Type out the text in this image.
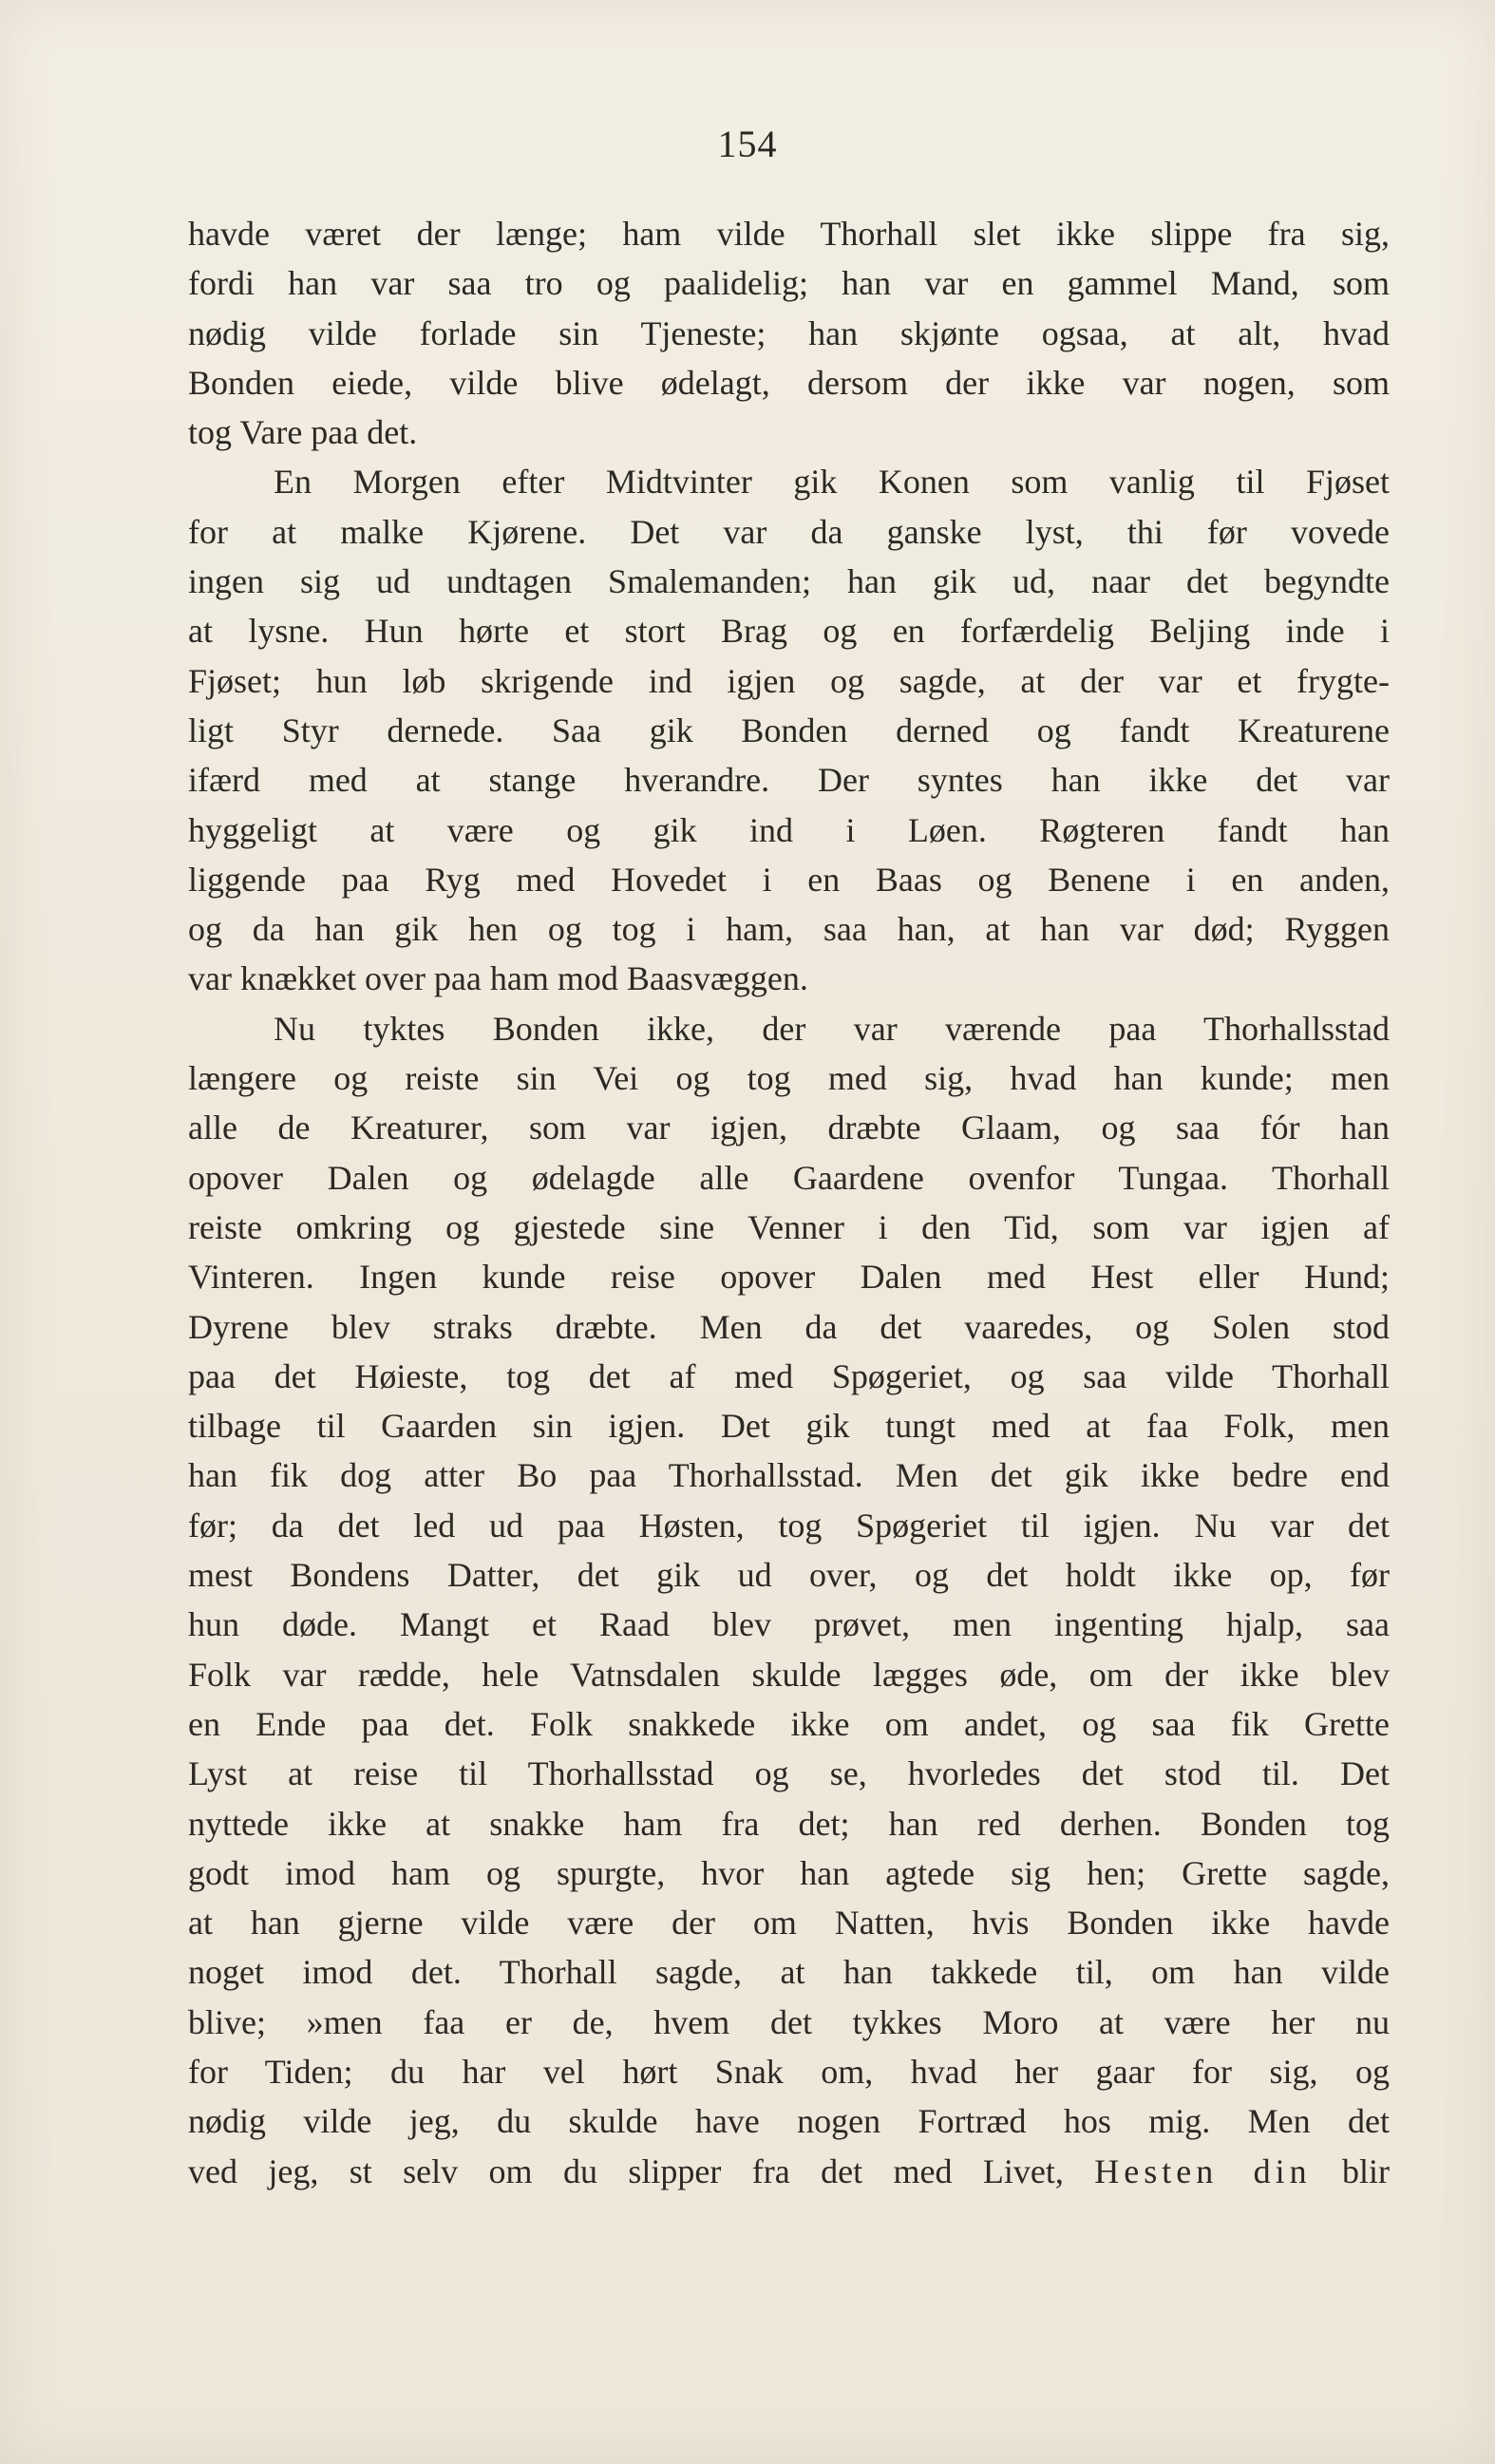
154
havde været der længe; ham vilde Thorhall slet ikke slippe fra sig,
fordi han var saa tro og paalidelig; han var en gammel Mand, som
nødig vilde forlade sin Tjeneste; han skjønte ogsaa, at alt, hvad
Bonden eiede, vilde blive ødelagt, dersom der ikke var nogen, som
tog Vare paa det.
En Morgen efter Midtvinter gik Konen som vanlig til Fjøset
for at malke Kjørene. Det var da ganske lyst, thi før vovede
ingen sig ud undtagen Smalemanden; han gik ud, naar det begyndte
at lysne. Hun hørte et stort Brag og en forfærdelig Beljing inde i
Fjøset; hun løb skrigende ind igjen og sagde, at der var et frygte-
ligt Styr dernede. Saa gik Bonden derned og fandt Kreaturene
ifærd med at stange hverandre. Der syntes han ikke det var
hyggeligt at være og gik ind i Løen. Røgteren fandt han
liggende paa Ryg med Hovedet i en Baas og Benene i en anden,
og da han gik hen og tog i ham, saa han, at han var død; Ryggen
var knækket over paa ham mod Baasvæggen.
Nu tyktes Bonden ikke, der var værende paa Thorhallsstad
længere og reiste sin Vei og tog med sig, hvad han kunde; men
alle de Kreaturer, som var igjen, dræbte Glaam, og saa fór han
opover Dalen og ødelagde alle Gaardene ovenfor Tungaa. Thorhall
reiste omkring og gjestede sine Venner i den Tid, som var igjen af
Vinteren. Ingen kunde reise opover Dalen med Hest eller Hund;
Dyrene blev straks dræbte. Men da det vaaredes, og Solen stod
paa det Høieste, tog det af med Spøgeriet, og saa vilde Thorhall
tilbage til Gaarden sin igjen. Det gik tungt med at faa Folk, men
han fik dog atter Bo paa Thorhallsstad. Men det gik ikke bedre end
før; da det led ud paa Høsten, tog Spøgeriet til igjen. Nu var det
mest Bondens Datter, det gik ud over, og det holdt ikke op, før
hun døde. Mangt et Raad blev prøvet, men ingenting hjalp, saa
Folk var rædde, hele Vatnsdalen skulde lægges øde, om der ikke blev
en Ende paa det. Folk snakkede ikke om andet, og saa fik Grette
Lyst at reise til Thorhallsstad og se, hvorledes det stod til. Det
nyttede ikke at snakke ham fra det; han red derhen. Bonden tog
godt imod ham og spurgte, hvor han agtede sig hen; Grette sagde,
at han gjerne vilde være der om Natten, hvis Bonden ikke havde
noget imod det. Thorhall sagde, at han takkede til, om han vilde
blive; »men faa er de, hvem det tykkes Moro at være her nu
for Tiden; du har vel hørt Snak om, hvad her gaar for sig, og
nødig vilde jeg, du skulde have nogen Fortræd hos mig. Men det
ved jeg, st selv om du slipper fra det med Livet, Hesten din blir
